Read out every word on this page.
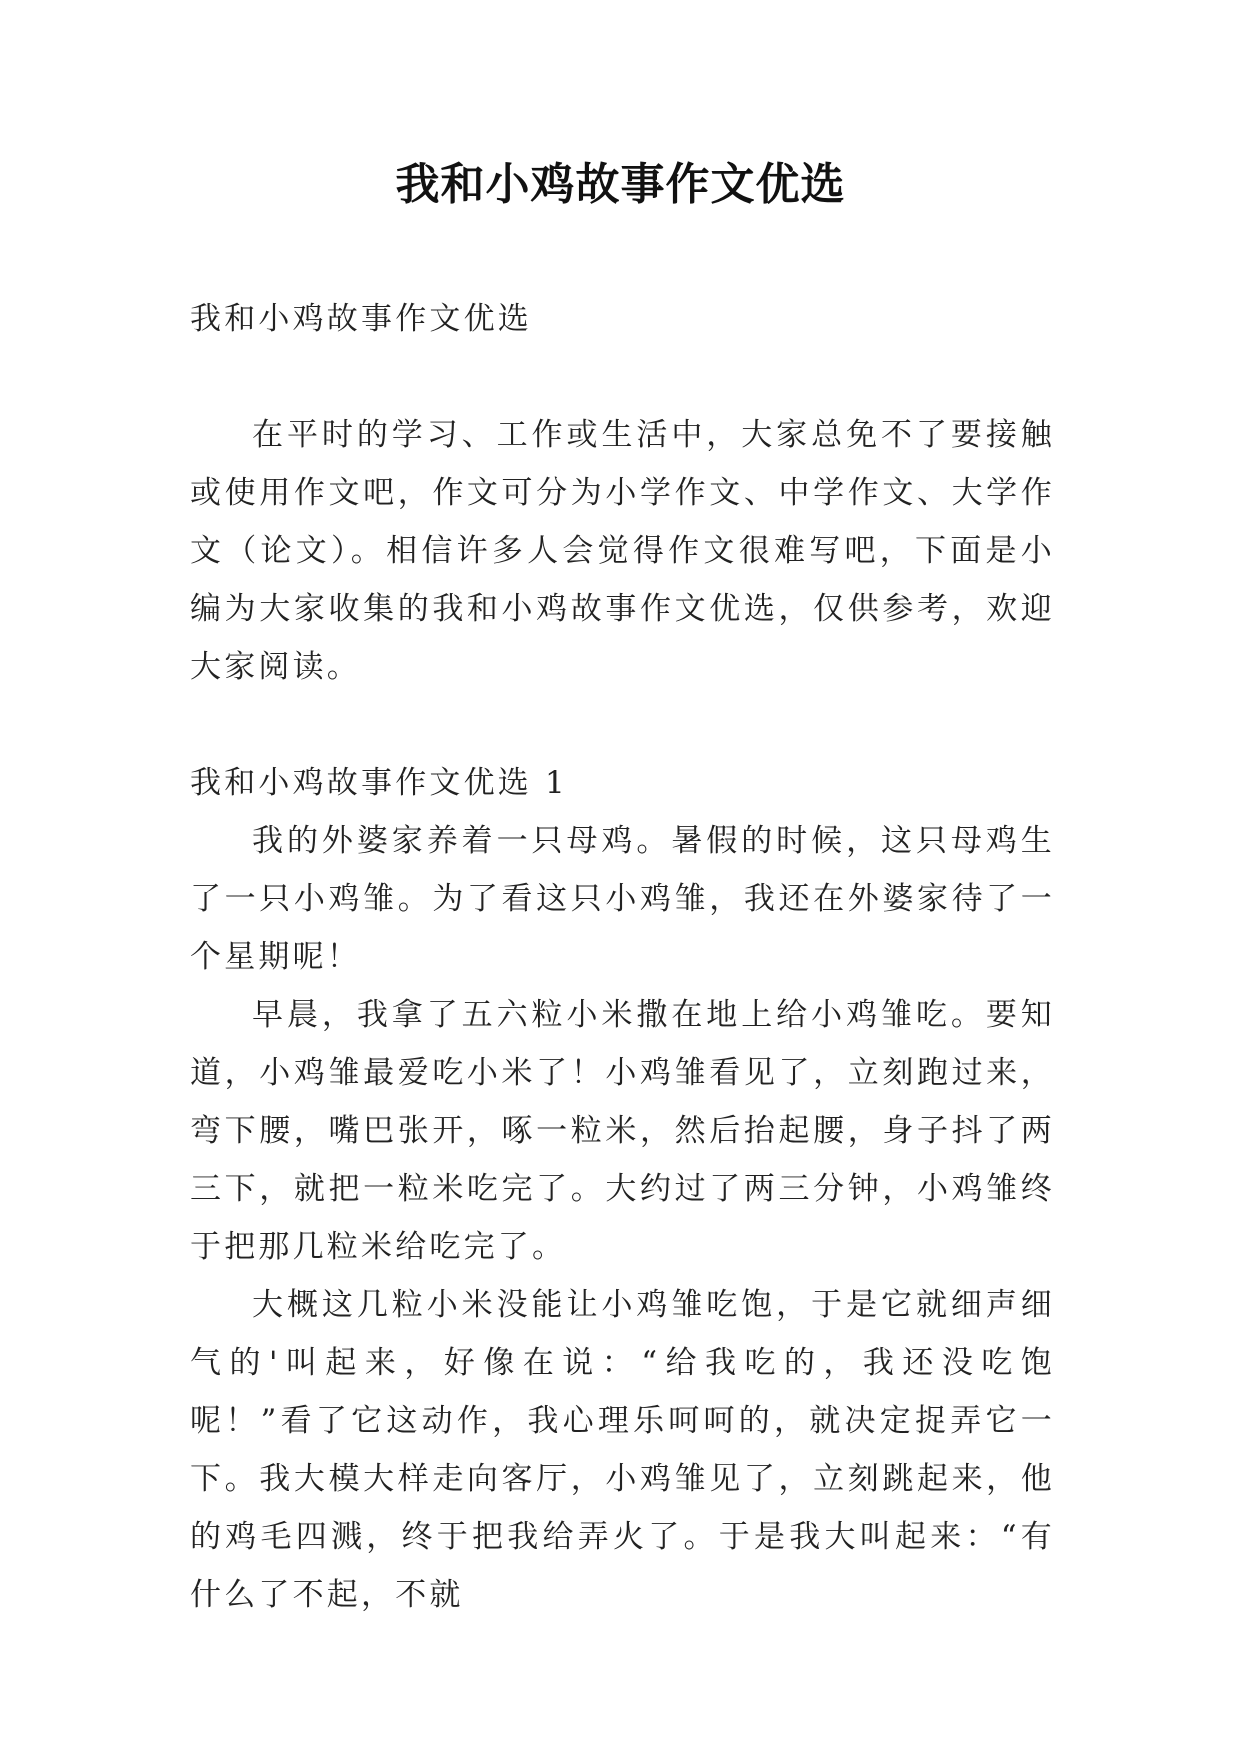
我和小鸡故事作文优选

我和小鸡故事作文优选

在平时的学习、工作或生活中，大家总免不了要接触或使用作文吧，作文可分为小学作文、中学作文、大学作文（论文）。相信许多人会觉得作文很难写吧，下面是小编为大家收集的我和小鸡故事作文优选，仅供参考，欢迎大家阅读。

我和小鸡故事作文优选 1

我的外婆家养着一只母鸡。暑假的时候，这只母鸡生了一只小鸡雏。为了看这只小鸡雏，我还在外婆家待了一个星期呢！

早晨，我拿了五六粒小米撒在地上给小鸡雏吃。要知道，小鸡雏最爱吃小米了！小鸡雏看见了，立刻跑过来，弯下腰，嘴巴张开，啄一粒米，然后抬起腰，身子抖了两三下，就把一粒米吃完了。大约过了两三分钟，小鸡雏终于把那几粒米给吃完了。

大概这几粒小米没能让小鸡雏吃饱，于是它就细声细气的'叫起来，好像在说：“给我吃的，我还没吃饱呢！”看了它这动作，我心理乐呵呵的，就决定捉弄它一下。我大模大样走向客厅，小鸡雏见了，立刻跳起来，他的鸡毛四溅，终于把我给弄火了。于是我大叫起来：“有什么了不起，不就
